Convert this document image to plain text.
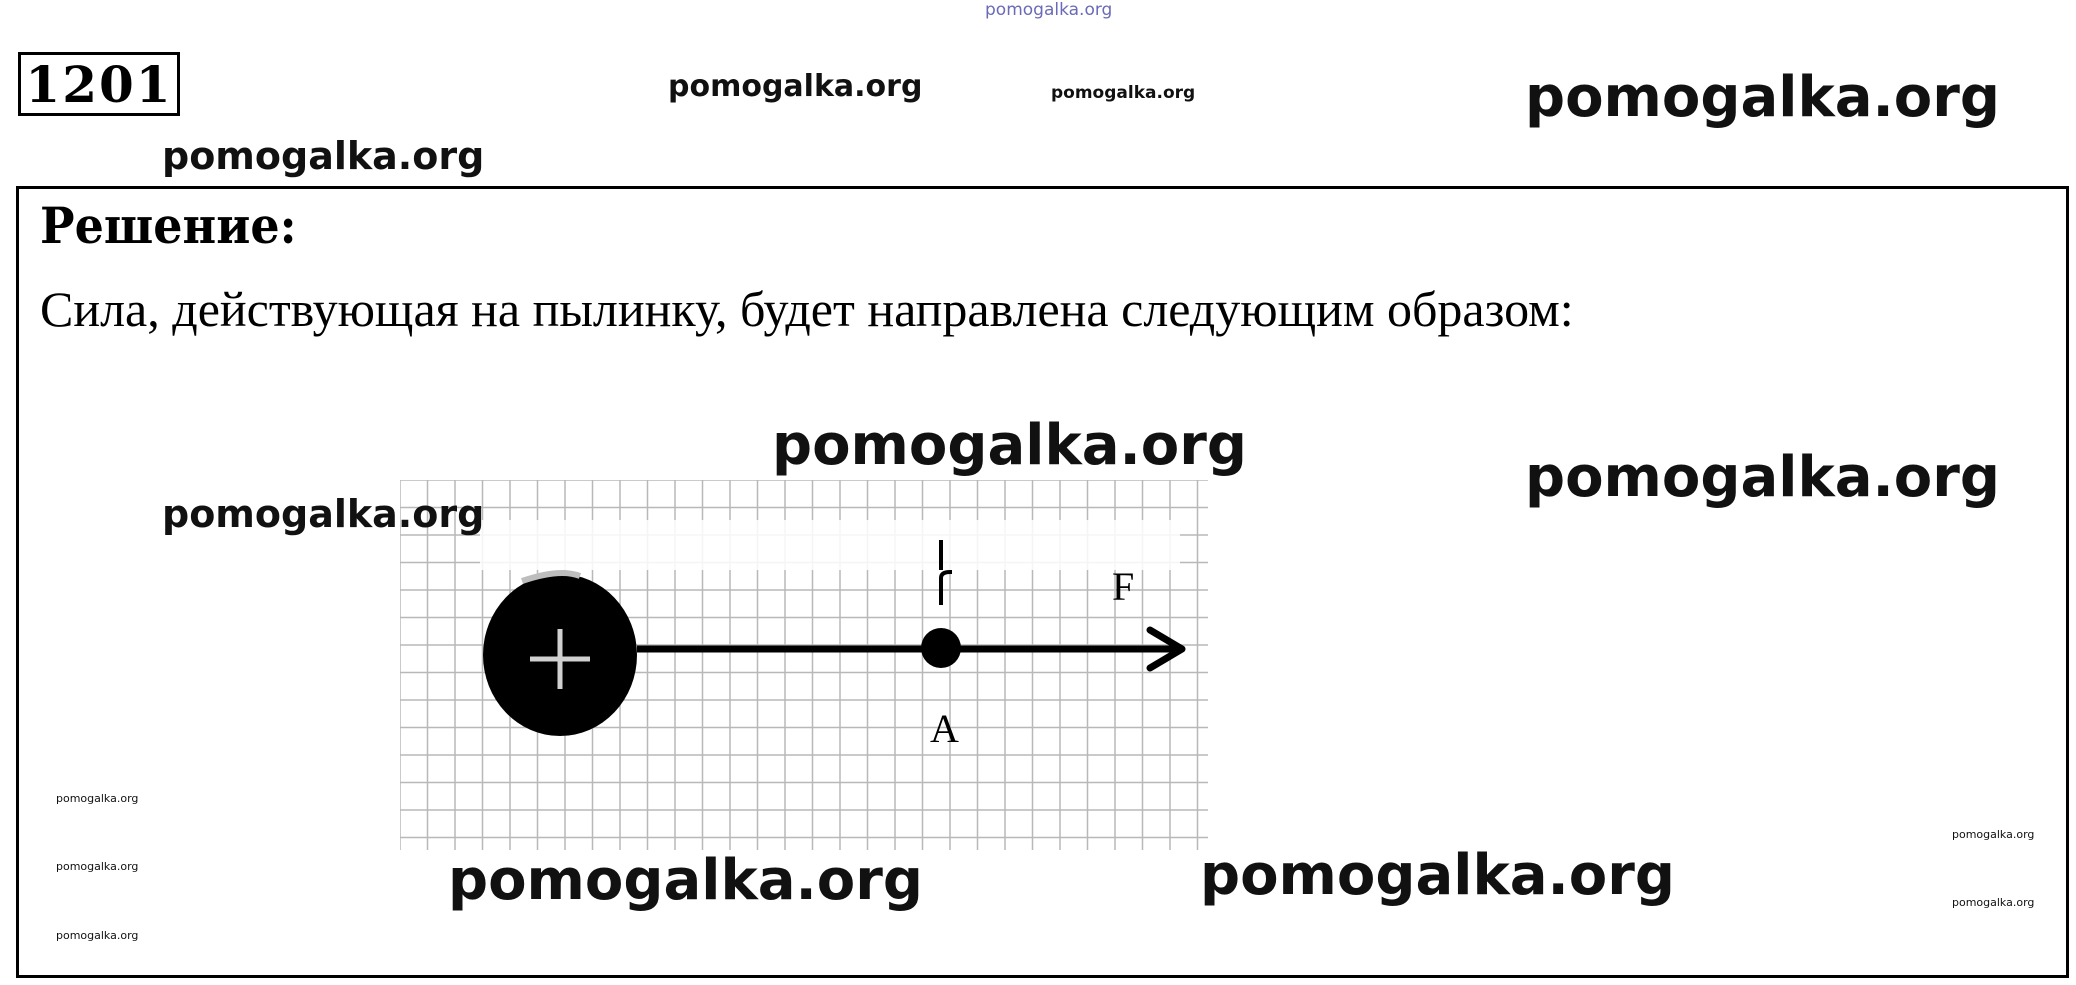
pomogalka.org
pomogalka.org	pomogalka.org	pomogalka.org
pomogalka.org
1201
Решение:
Сила, действующая на пылинку, будет направлена следующим образом:
A
F
pomogalka.org	pomogalka.org
pomogalka.org
pomogalka.org	pomogalka.org
pomogalka.org
pomogalka.org
pomogalka.org
pomogalka.org
pomogalka.org
